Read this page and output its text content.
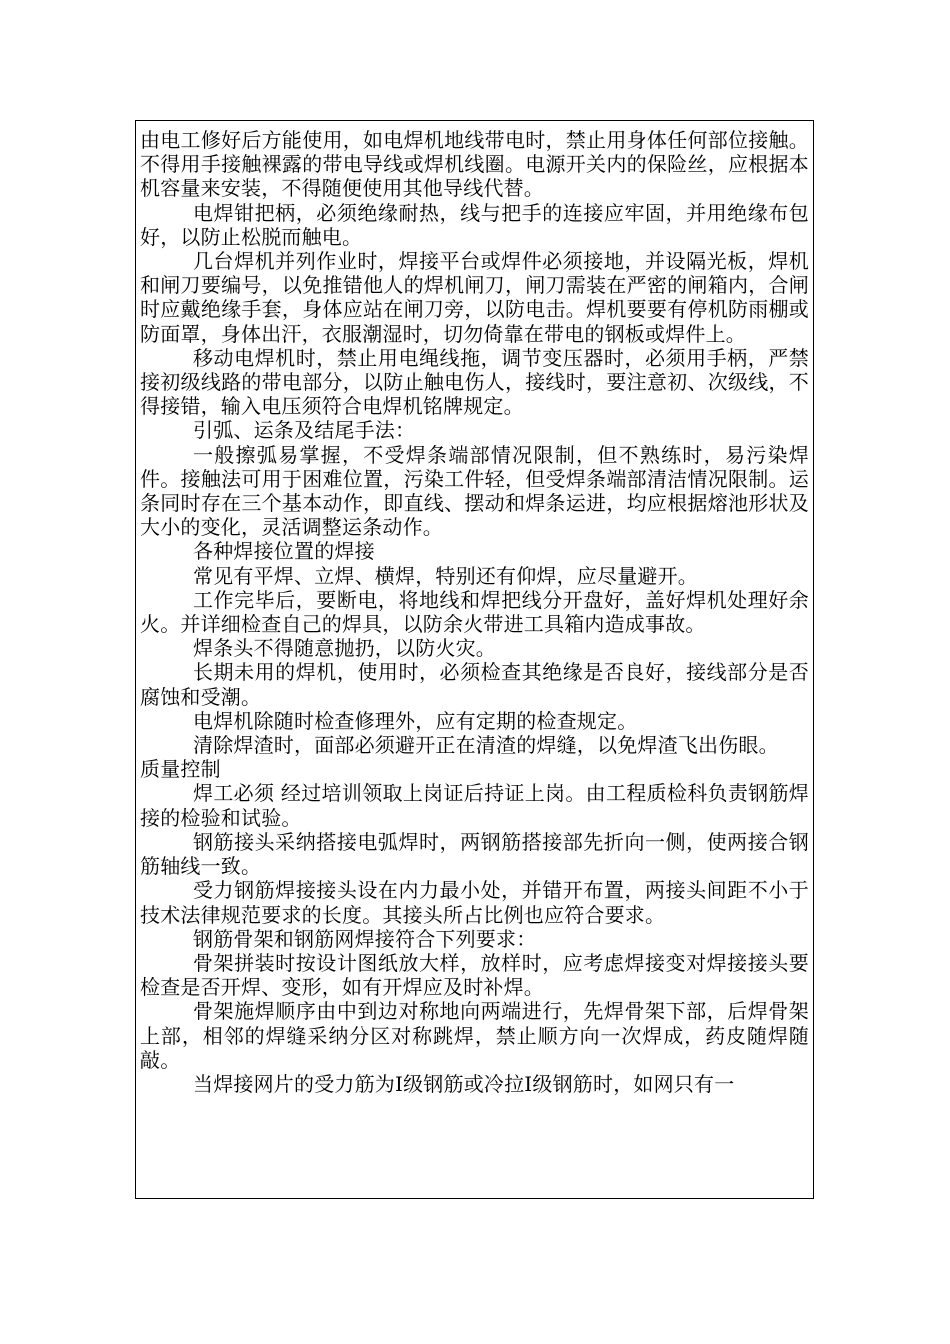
由电工修好后方能使用，如电焊机地线带电时，禁止用身体任何部位接触。不得用手接触裸露的带电导线或焊机线圈。电源开关内的保险丝，应根据本机容量来安装，不得随便使用其他导线代替。

电焊钳把柄，必须绝缘耐热，线与把手的连接应牢固，并用绝缘布包好，以防止松脱而触电。

几台焊机并列作业时，焊接平台或焊件必须接地，并设隔光板，焊机和闸刀要编号，以免推错他人的焊机闸刀，闸刀需装在严密的闸箱内，合闸时应戴绝缘手套，身体应站在闸刀旁，以防电击。焊机要要有停机防雨棚或防面罩，身体出汗，衣服潮湿时，切勿倚靠在带电的钢板或焊件上。

移动电焊机时，禁止用电绳线拖，调节变压器时，必须用手柄，严禁接初级线路的带电部分，以防止触电伤人，接线时，要注意初、次级线，不得接错，输入电压须符合电焊机铭牌规定。

引弧、运条及结尾手法：

一般擦弧易掌握，不受焊条端部情况限制，但不熟练时，易污染焊件。接触法可用于困难位置，污染工件轻，但受焊条端部清洁情况限制。运条同时存在三个基本动作，即直线、摆动和焊条运进，均应根据熔池形状及大小的变化，灵活调整运条动作。

各种焊接位置的焊接

常见有平焊、立焊、横焊，特别还有仰焊，应尽量避开。

工作完毕后，要断电，将地线和焊把线分开盘好，盖好焊机处理好余火。并详细检查自己的焊具，以防余火带进工具箱内造成事故。

焊条头不得随意抛扔，以防火灾。

长期未用的焊机，使用时，必须检查其绝缘是否良好，接线部分是否腐蚀和受潮。

电焊机除随时检查修理外，应有定期的检查规定。

清除焊渣时，面部必须避开正在清渣的焊缝，以免焊渣飞出伤眼。

质量控制

焊工必须 经过培训领取上岗证后持证上岗。由工程质检科负责钢筋焊接的检验和试验。

钢筋接头采纳搭接电弧焊时，两钢筋搭接部先折向一侧，使两接合钢筋轴线一致。

受力钢筋焊接接头设在内力最小处，并错开布置，两接头间距不小于技术法律规范要求的长度。其接头所占比例也应符合要求。

钢筋骨架和钢筋网焊接符合下列要求：

骨架拼装时按设计图纸放大样，放样时，应考虑焊接变对焊接接头要检查是否开焊、变形，如有开焊应及时补焊。

骨架施焊顺序由中到边对称地向两端进行，先焊骨架下部，后焊骨架上部，相邻的焊缝采纳分区对称跳焊，禁止顺方向一次焊成，药皮随焊随敲。

当焊接网片的受力筋为Ⅰ级钢筋或冷拉Ⅰ级钢筋时，如网只有一
